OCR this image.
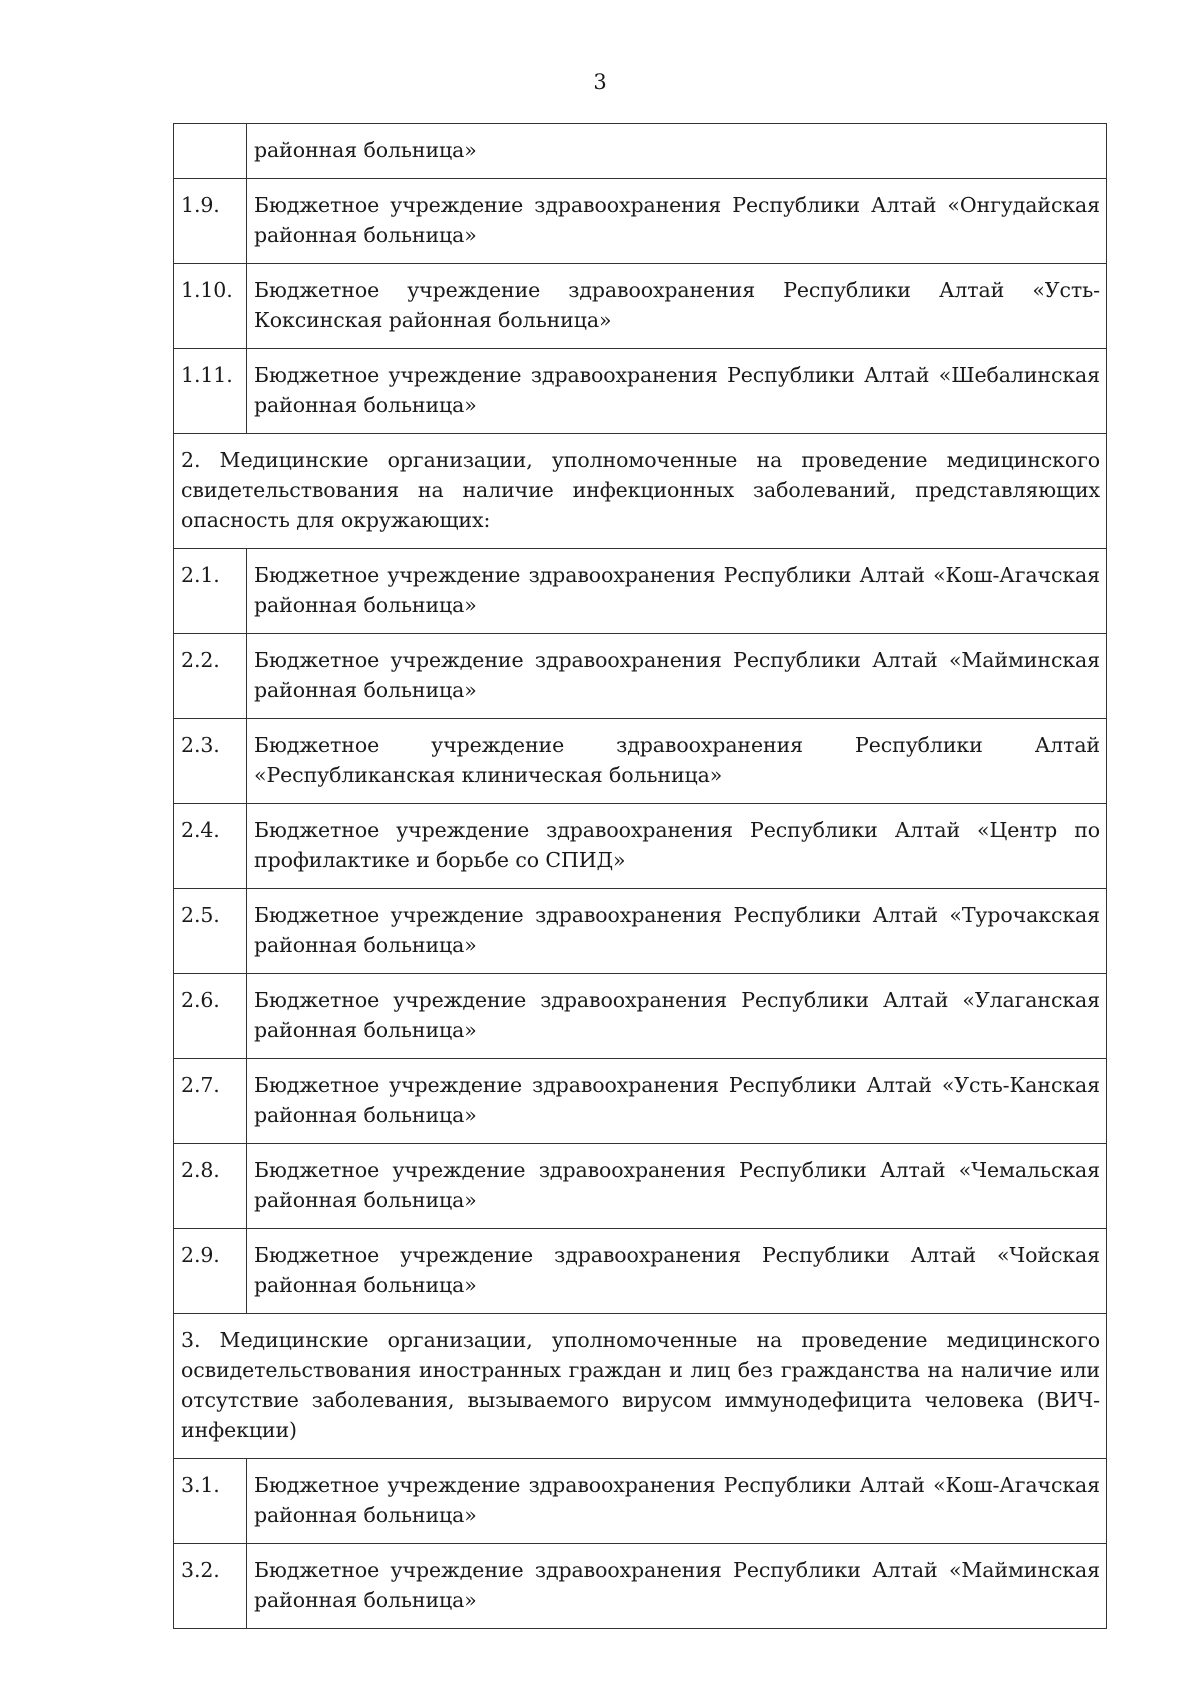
3
	районная больница»
1.9.	Бюджетное учреждение здравоохранения Республики Алтай «Онгудайская районная больница»
1.10.	Бюджетное учреждение здравоохранения Республики Алтай «Усть-Коксинская районная больница»
1.11.	Бюджетное учреждение здравоохранения Республики Алтай «Шебалинская районная больница»
2. Медицинские организации, уполномоченные на проведение медицинского свидетельствования на наличие инфекционных заболеваний, представляющих опасность для окружающих:	
2.1.	Бюджетное учреждение здравоохранения Республики Алтай «Кош-Агачская районная больница»
2.2.	Бюджетное учреждение здравоохранения Республики Алтай «Майминская районная больница»
2.3.	Бюджетное учреждение здравоохранения Республики Алтай «Республиканская клиническая больница»
2.4.	Бюджетное учреждение здравоохранения Республики Алтай «Центр по профилактике и борьбе со СПИД»
2.5.	Бюджетное учреждение здравоохранения Республики Алтай «Турочакская районная больница»
2.6.	Бюджетное учреждение здравоохранения Республики Алтай «Улаганская районная больница»
2.7.	Бюджетное учреждение здравоохранения Республики Алтай «Усть-Канская районная больница»
2.8.	Бюджетное учреждение здравоохранения Республики Алтай «Чемальская районная больница»
2.9.	Бюджетное учреждение здравоохранения Республики Алтай «Чойская районная больница»
3. Медицинские организации, уполномоченные на проведение медицинского освидетельствования иностранных граждан и лиц без гражданства на наличие или отсутствие заболевания, вызываемого вирусом иммунодефицита человека (ВИЧ-инфекции)	
3.1.	Бюджетное учреждение здравоохранения Республики Алтай «Кош-Агачская районная больница»
3.2.	Бюджетное учреждение здравоохранения Республики Алтай «Майминская районная больница»
